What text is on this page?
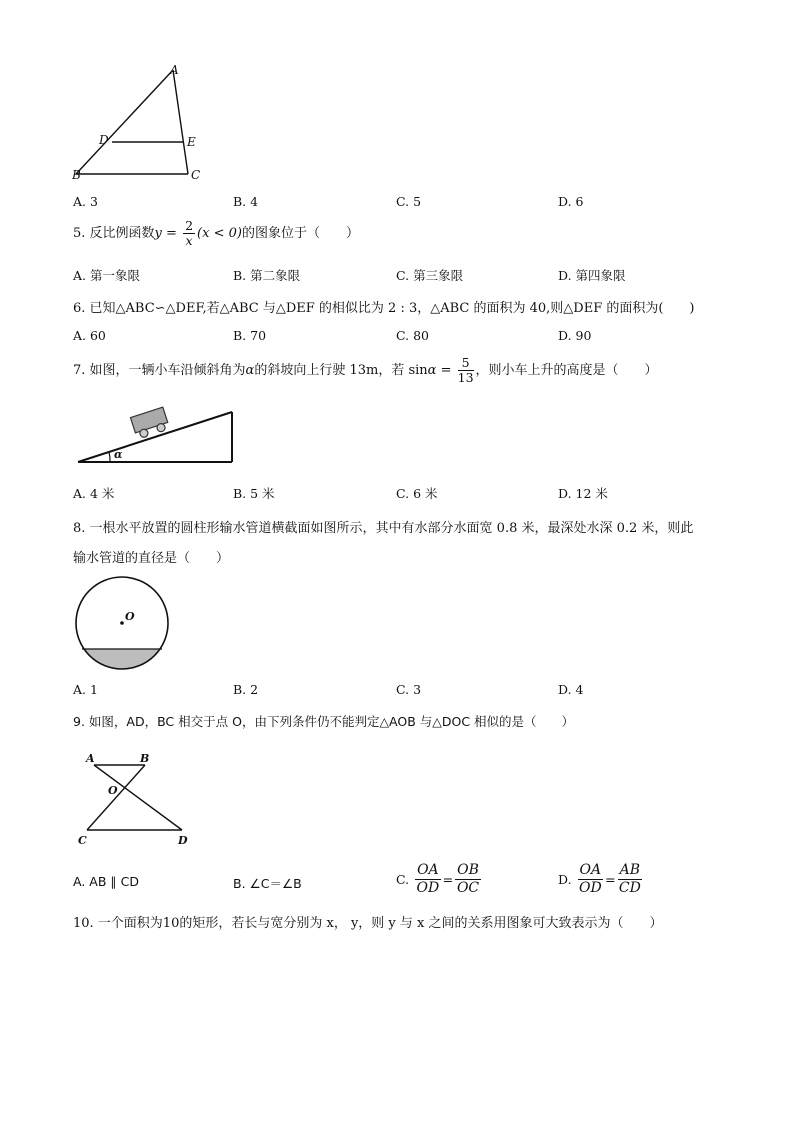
A
D	E
B	C
A. 3	B. 4	C. 5	D. 6
5. 反比例函数$y = \frac{2}{x} (x < 0)$的图象位于（　　）
A. 第一象限	B. 第二象限	C. 第三象限	D. 第四象限
6. 已知△ABC∽△DEF,若△ABC 与△DEF 的相似比为 2 : 3，△ABC 的面积为 40,则△DEF 的面积为(　　)
A. 60	B. 70	C. 80	D. 90
7. 如图，一辆小车沿倾斜角为α的斜坡向上行驶 13m，若 $\sin\alpha = \frac{5}{13}$ ，则小车上升的高度是（　　）
α
A. 4 米	B. 5 米	C. 6 米	D. 12 米
8. 一根水平放置的圆柱形输水管道横截面如图所示，其中有水部分水面宽 0.8 米，最深处水深 0.2 米，则此
输水管道的直径是（　　）
O
A. 1	B. 2	C. 3	D. 4
9. 如图，AD，BC 相交于点 O，由下列条件仍不能判定△AOB 与△DOC 相似的是（　　）
A	B
O
C	D
A. AB ∥ CD	B. ∠C＝∠B	C. $\frac{OA}{OD} = \frac{OB}{OC}$	D. $\frac{OA}{OD} = \frac{AB}{CD}$
10. 一个面积为10的矩形，若长与宽分别为 x， y，则 y 与 x 之间的关系用图象可大致表示为（　　）
